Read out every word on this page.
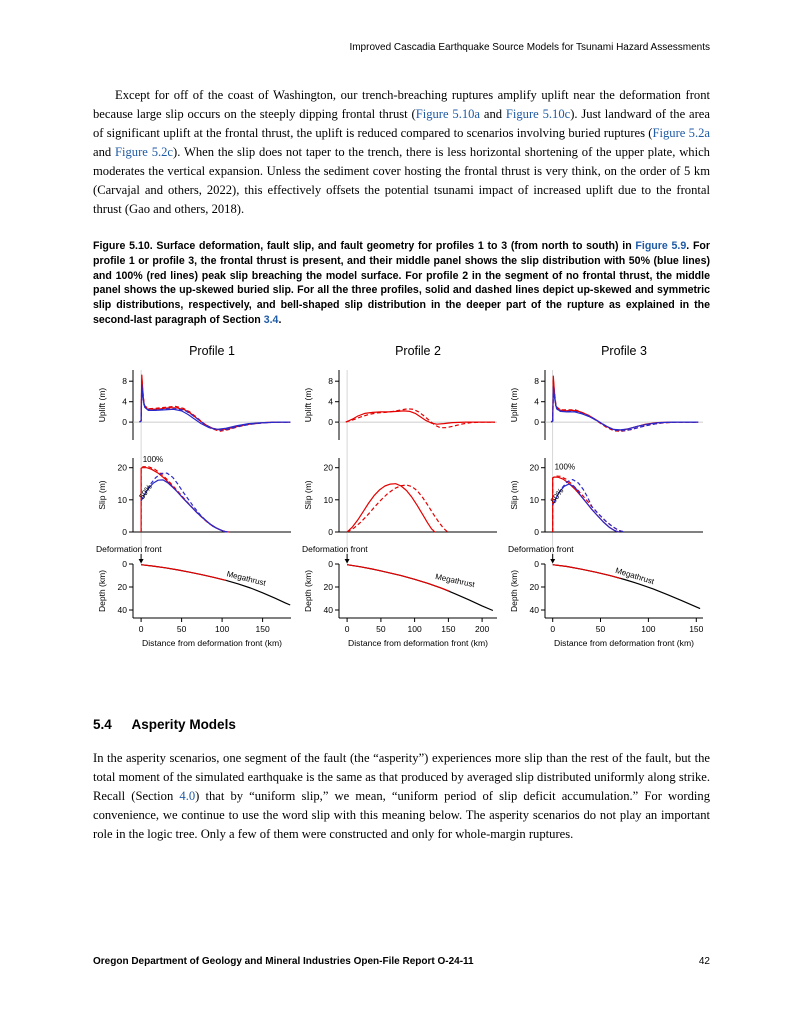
Improved Cascadia Earthquake Source Models for Tsunami Hazard Assessments

Except for off of the coast of Washington, our trench-breaching ruptures amplify uplift near the deformation front because large slip occurs on the steeply dipping frontal thrust (Figure 5.10a and Figure 5.10c). Just landward of the area of significant uplift at the frontal thrust, the uplift is reduced compared to scenarios involving buried ruptures (Figure 5.2a and Figure 5.2c). When the slip does not taper to the trench, there is less horizontal shortening of the upper plate, which moderates the vertical expansion. Unless the sediment cover hosting the frontal thrust is very think, on the order of 5 km (Carvajal and others, 2022), this effectively offsets the potential tsunami impact of increased uplift due to the frontal thrust (Gao and others, 2018).

Figure 5.10. Surface deformation, fault slip, and fault geometry for profiles 1 to 3 (from north to south) in Figure 5.9. For profile 1 or profile 3, the frontal thrust is present, and their middle panel shows the slip distribution with 50% (blue lines) and 100% (red lines) peak slip breaching the model surface. For profile 2 in the segment of no frontal thrust, the middle panel shows the up-skewed buried slip. For all the three profiles, solid and dashed lines depict up-skewed and symmetric slip distributions, respectively, and bell-shaped slip distribution in the deeper part of the rupture as explained in the second-last paragraph of Section 3.4.

Profile 1
0
4
8
Uplift (m)
0
10
20
Slip (m)
100%
50%
0
20
40
Depth (km)	Megathrust
0	50	100	150
Distance from deformation front (km)
Deformation front
Profile 2
0
4
8
Uplift (m)
0
10
20
Slip (m)
0
20
40
Depth (km)	Megathrust
0	50	100 150 200
Distance from deformation front (km)
Deformation front
Profile 3
0
4
8
Uplift (m)
0
10
20
Slip (m)
100%
50%
0
20
40
Depth (km)	Megathrust
0	50	100	150
Distance from deformation front (km)
Deformation front
5.4 Asperity Models

In the asperity scenarios, one segment of the fault (the “asperity”) experiences more slip than the rest of the fault, but the total moment of the simulated earthquake is the same as that produced by averaged slip distributed uniformly along strike. Recall (Section 4.0) that by “uniform slip,” we mean, “uniform period of slip deficit accumulation.” For wording convenience, we continue to use the word slip with this meaning below. The asperity scenarios do not play an important role in the logic tree. Only a few of them were constructed and only for whole-margin ruptures.

Oregon Department of Geology and Mineral Industries Open-File Report O-24-11	42
